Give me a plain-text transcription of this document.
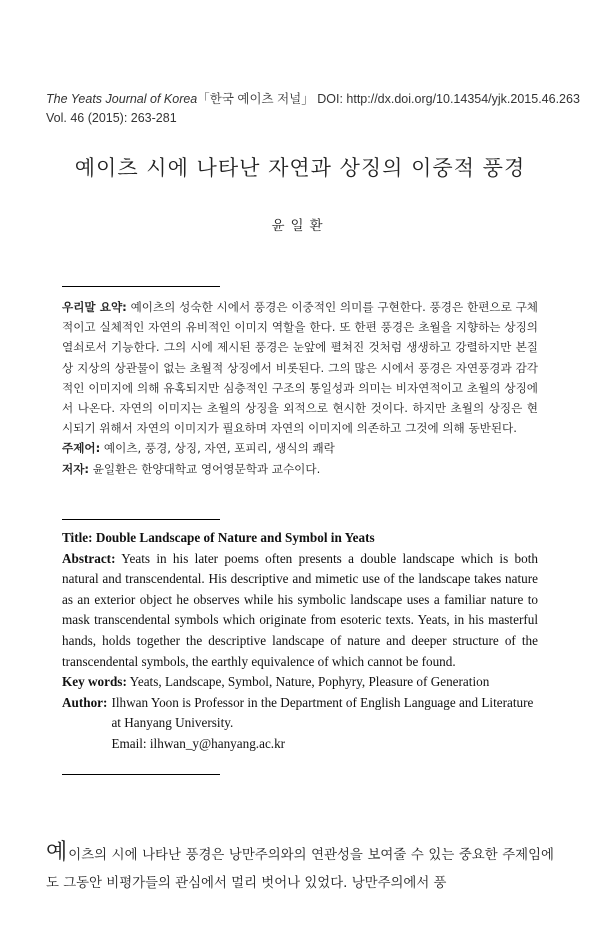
The Yeats Journal of Korea「한국 예이츠 저널」 DOI: http://dx.doi.org/10.14354/yjk.2015.46.263
Vol. 46 (2015): 263-281
예이츠 시에 나타난 자연과 상징의 이중적 풍경
윤일환

우리말 요약: 예이츠의 성숙한 시에서 풍경은 이중적인 의미를 구현한다. 풍경은 한편으로 구체적이고 실체적인 자연의 유비적인 이미지 역할을 한다. 또 한편 풍경은 초월을 지향하는 상징의 열쇠로서 기능한다. 그의 시에 제시된 풍경은 눈앞에 펼쳐진 것처럼 생생하고 강렬하지만 본질상 지상의 상관물이 없는 초월적 상징에서 비롯된다. 그의 많은 시에서 풍경은 자연풍경과 감각적인 이미지에 의해 유혹되지만 심층적인 구조의 통일성과 의미는 비자연적이고 초월의 상징에서 나온다. 자연의 이미지는 초월의 상징을 외적으로 현시한 것이다. 하지만 초월의 상징은 현시되기 위해서 자연의 이미지가 필요하며 자연의 이미지에 의존하고 그것에 의해 동반된다.

주제어: 예이츠, 풍경, 상징, 자연, 포피리, 생식의 쾌락

저자: 윤일환은 한양대학교 영어영문학과 교수이다.

Title: Double Landscape of Nature and Symbol in Yeats

Abstract: Yeats in his later poems often presents a double landscape which is both natural and transcendental. His descriptive and mimetic use of the landscape takes nature as an exterior object he observes while his symbolic landscape uses a familiar nature to mask transcendental symbols which originate from esoteric texts. Yeats, in his masterful hands, holds together the descriptive landscape of nature and deeper structure of the transcendental symbols, the earthly equivalence of which cannot be found.

Key words: Yeats, Landscape, Symbol, Nature, Pophyry, Pleasure of Generation

Author: Ilhwan Yoon is Professor in the Department of English Language and Literature
at Hanyang University.
Email: ilhwan_y@hanyang.ac.kr

예이츠의 시에 나타난 풍경은 낭만주의와의 연관성을 보여줄 수 있는 중요한 주제임에도 그동안 비평가들의 관심에서 멀리 벗어나 있었다. 낭만주의에서 풍
